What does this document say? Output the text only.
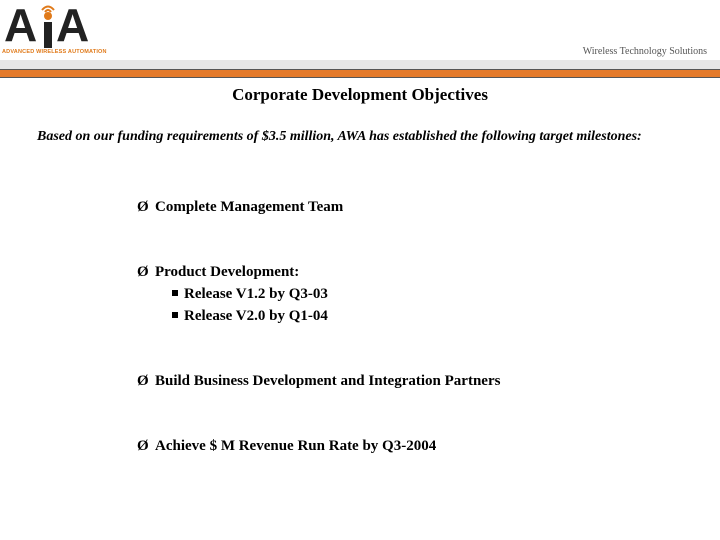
A A
ADVANCED WIRELESS AUTOMATION	Wireless Technology Solutions
Corporate Development Objectives
Based on our funding requirements of $3.5 million, AWA has established the following target milestones:
Ø Complete Management Team
Ø Product Development:
Release V1.2 by Q3-03
Release V2.0 by Q1-04
Ø Build Business Development and Integration Partners
Ø Achieve $ M Revenue Run Rate by Q3-2004
